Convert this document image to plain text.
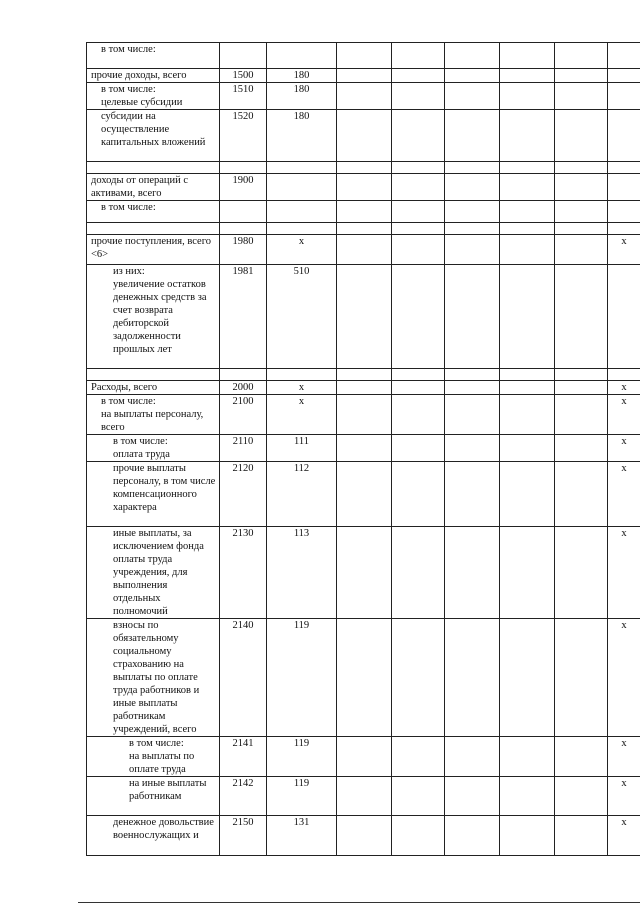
в том числе:								

прочие доходы, всего	1500	180						

в том числе:
целевые субсидии	1510	180						

субсидии на осуществление капитальных вложений	1520	180						

доходы от операций с активами, всего	1900							

в том числе:								

прочие поступления, всего <6>	1980	x						x

из них:
увеличение остатков денежных средств за счет возврата дебиторской задолженности прошлых лет	1981	510						

Расходы, всего	2000	x						x

в том числе:
на выплаты персоналу, всего	2100	x						x

в том числе:
оплата труда	2110	111						x

прочие выплаты персоналу, в том числе компенсационного характера	2120	112						x

иные выплаты, за исключением фонда оплаты труда учреждения, для выполнения отдельных полномочий	2130	113						x

взносы по обязательному социальному страхованию на выплаты по оплате труда работников и иные выплаты работникам учреждений, всего	2140	119						x

в том числе:
на выплаты по оплате труда	2141	119						x

на иные выплаты работникам	2142	119						x

денежное довольствие военнослужащих и	2150	131						x
